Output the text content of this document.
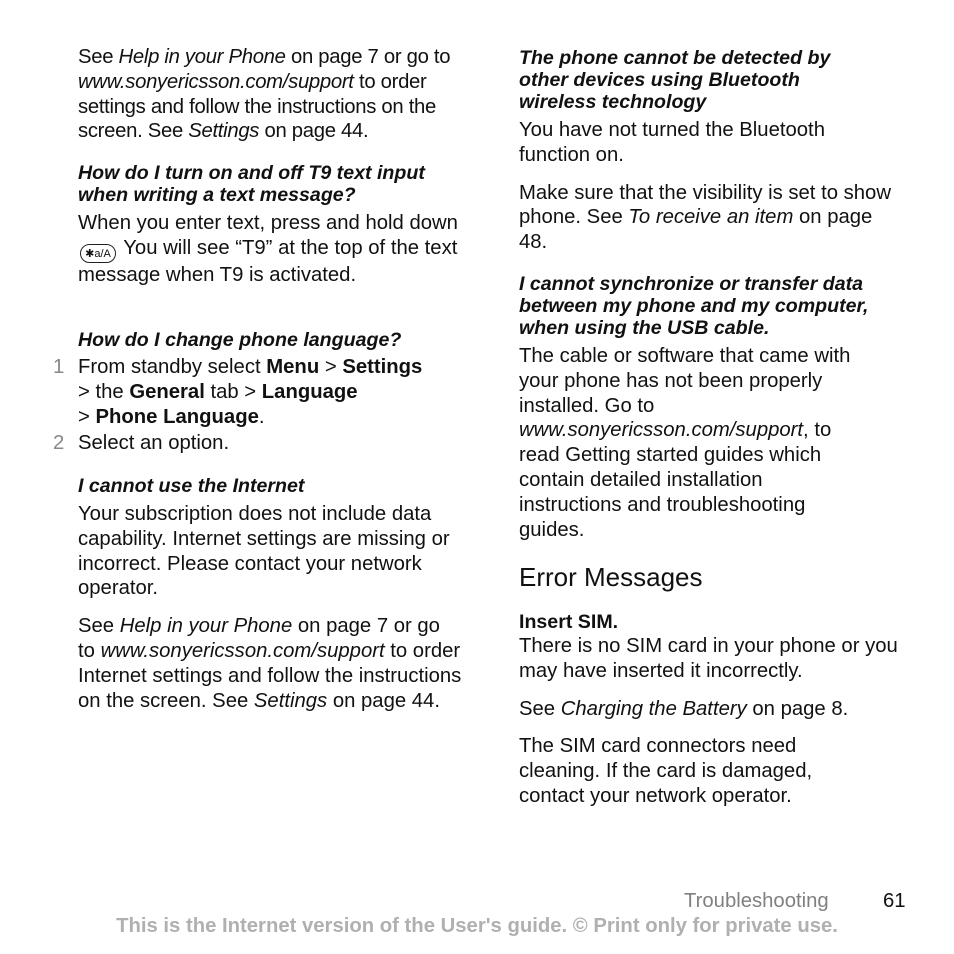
See Help in your Phone on page 7 or go to www.sonyericsson.com/support to order settings and follow the instructions on the screen. See Settings on page 44.

How do I turn on and off T9 text input when writing a text message?

When you enter text, press and hold down ✱a/A You will see “T9” at the top of the text message when T9 is activated.

How do I change phone language?
1 From standby select Menu > Settings
> the General tab > Language
> Phone Language.

2 Select an option.

I cannot use the Internet

Your subscription does not include data capability. Internet settings are missing or incorrect. Please contact your network operator.

See Help in your Phone on page 7 or go to www.sonyericsson.com/support to order Internet settings and follow the instructions on the screen. See Settings on page 44.

The phone cannot be detected by other devices using Bluetooth wireless technology

You have not turned the Bluetooth function on.

Make sure that the visibility is set to show phone. See To receive an item on page 48.

I cannot synchronize or transfer data between my phone and my computer, when using the USB cable.

The cable or software that came with your phone has not been properly installed. Go to www.sonyericsson.com/support, to read Getting started guides which contain detailed installation instructions and troubleshooting guides.

Error Messages

Insert SIM.

There is no SIM card in your phone or you may have inserted it incorrectly.

See Charging the Battery on page 8.

The SIM card connectors need cleaning. If the card is damaged, contact your network operator.

Troubleshooting	61
This is the Internet version of the User's guide. © Print only for private use.
